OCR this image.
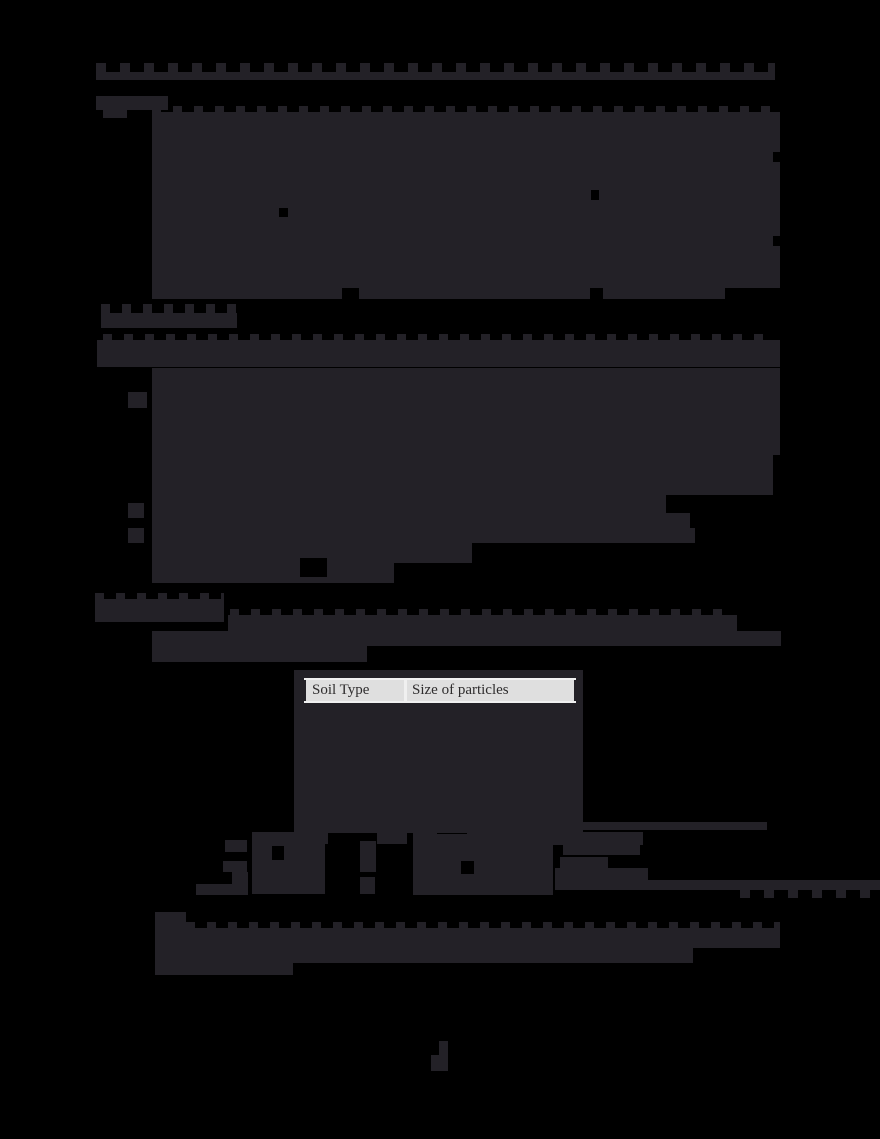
Soil Type	Size of particles
